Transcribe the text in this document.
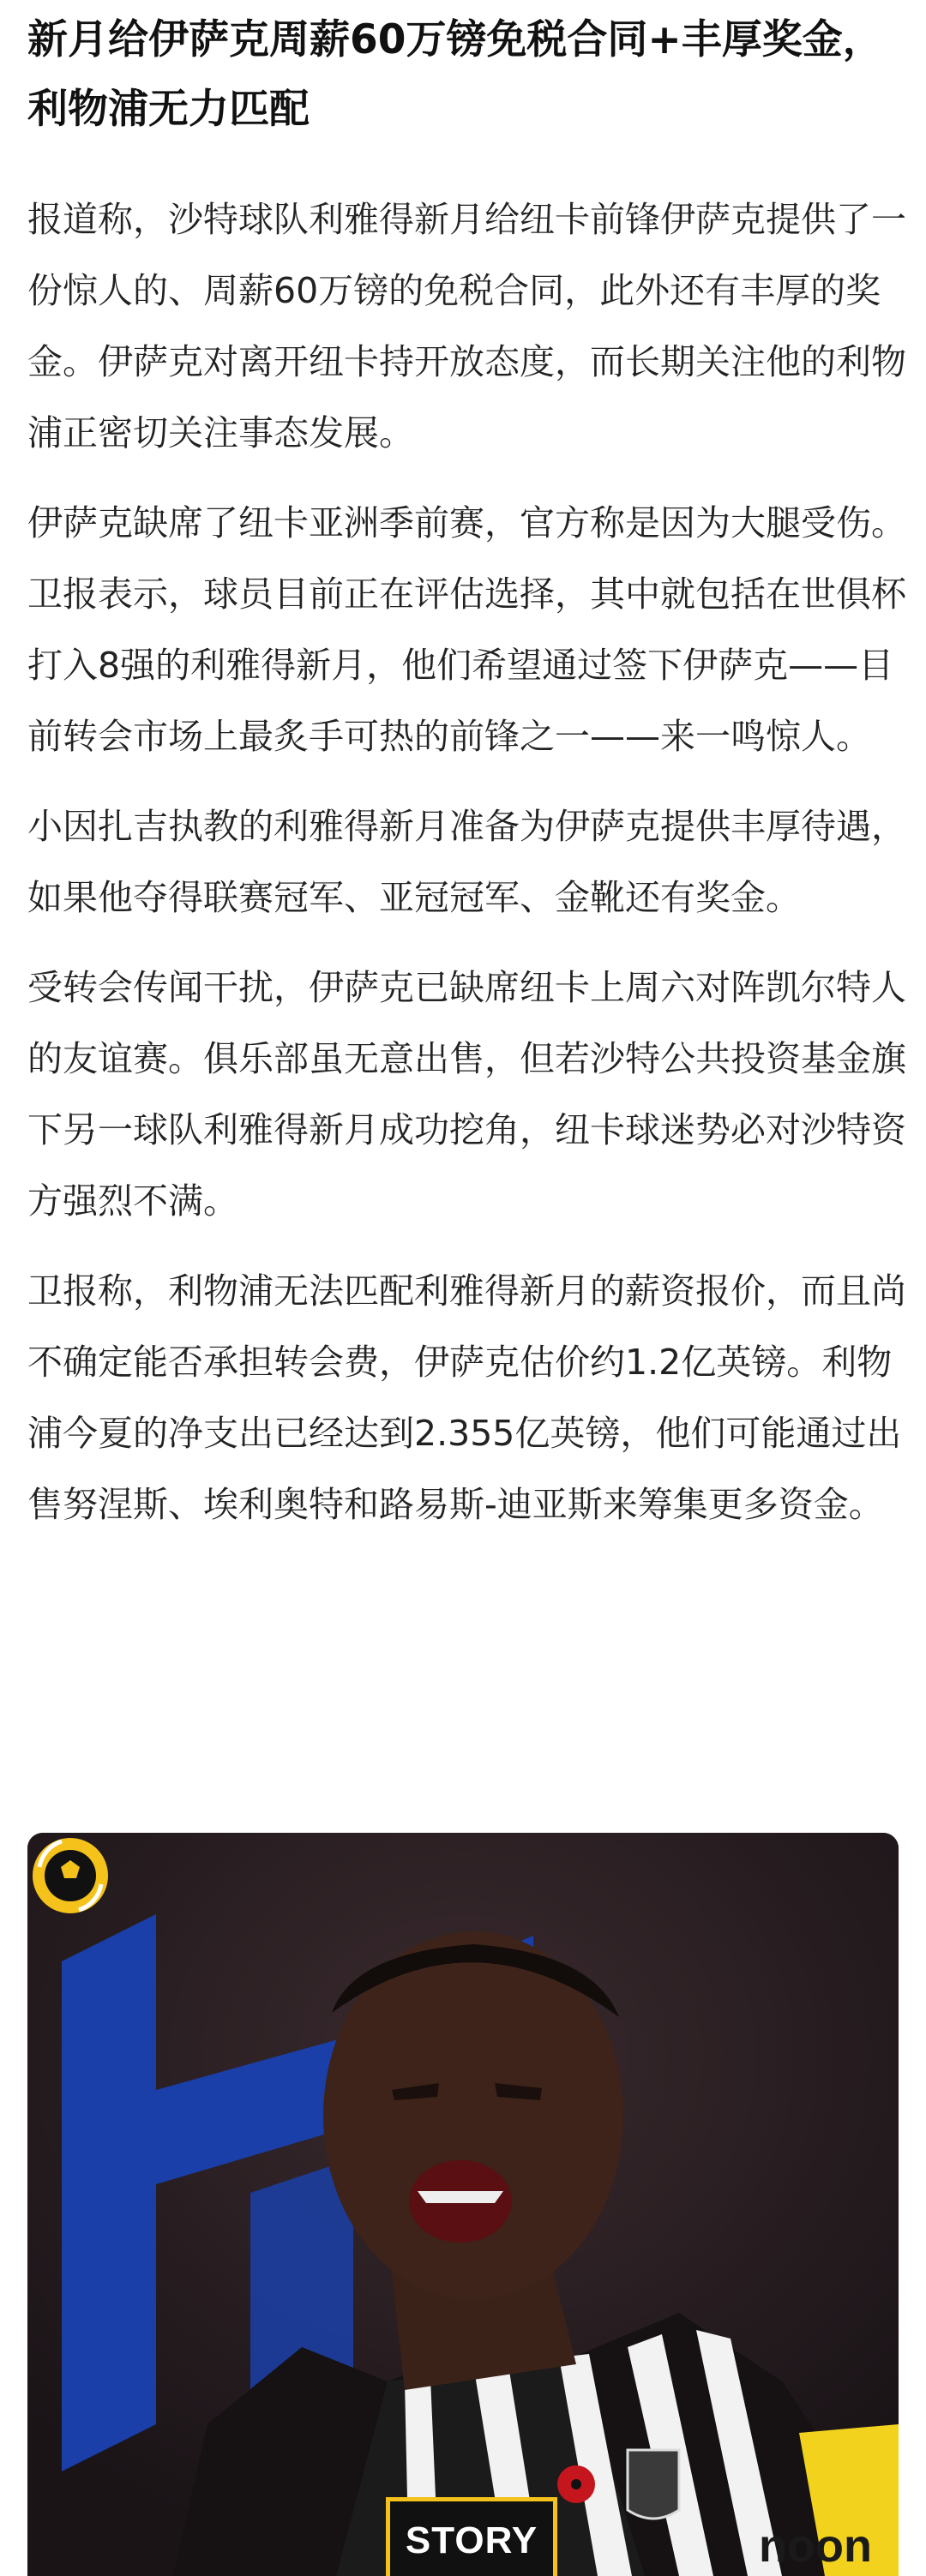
新月给伊萨克周薪60万镑免税合同+丰厚奖金，利物浦无力匹配

报道称，沙特球队利雅得新月给纽卡前锋伊萨克提供了一份惊人的、周薪60万镑的免税合同，此外还有丰厚的奖金。伊萨克对离开纽卡持开放态度，而长期关注他的利物浦正密切关注事态发展。

伊萨克缺席了纽卡亚洲季前赛，官方称是因为大腿受伤。卫报表示，球员目前正在评估选择，其中就包括在世俱杯打入8强的利雅得新月，他们希望通过签下伊萨克——目前转会市场上最炙手可热的前锋之一——来一鸣惊人。

小因扎吉执教的利雅得新月准备为伊萨克提供丰厚待遇，如果他夺得联赛冠军、亚冠冠军、金靴还有奖金。

受转会传闻干扰，伊萨克已缺席纽卡上周六对阵凯尔特人的友谊赛。俱乐部虽无意出售，但若沙特公共投资基金旗下另一球队利雅得新月成功挖角，纽卡球迷势必对沙特资方强烈不满。

卫报称，利物浦无法匹配利雅得新月的薪资报价，而且尚不确定能否承担转会费，伊萨克估价约1.2亿英镑。利物浦今夏的净支出已经达到2.355亿英镑，他们可能通过出售努涅斯、埃利奥特和路易斯-迪亚斯来筹集更多资金。

noon
STORY
